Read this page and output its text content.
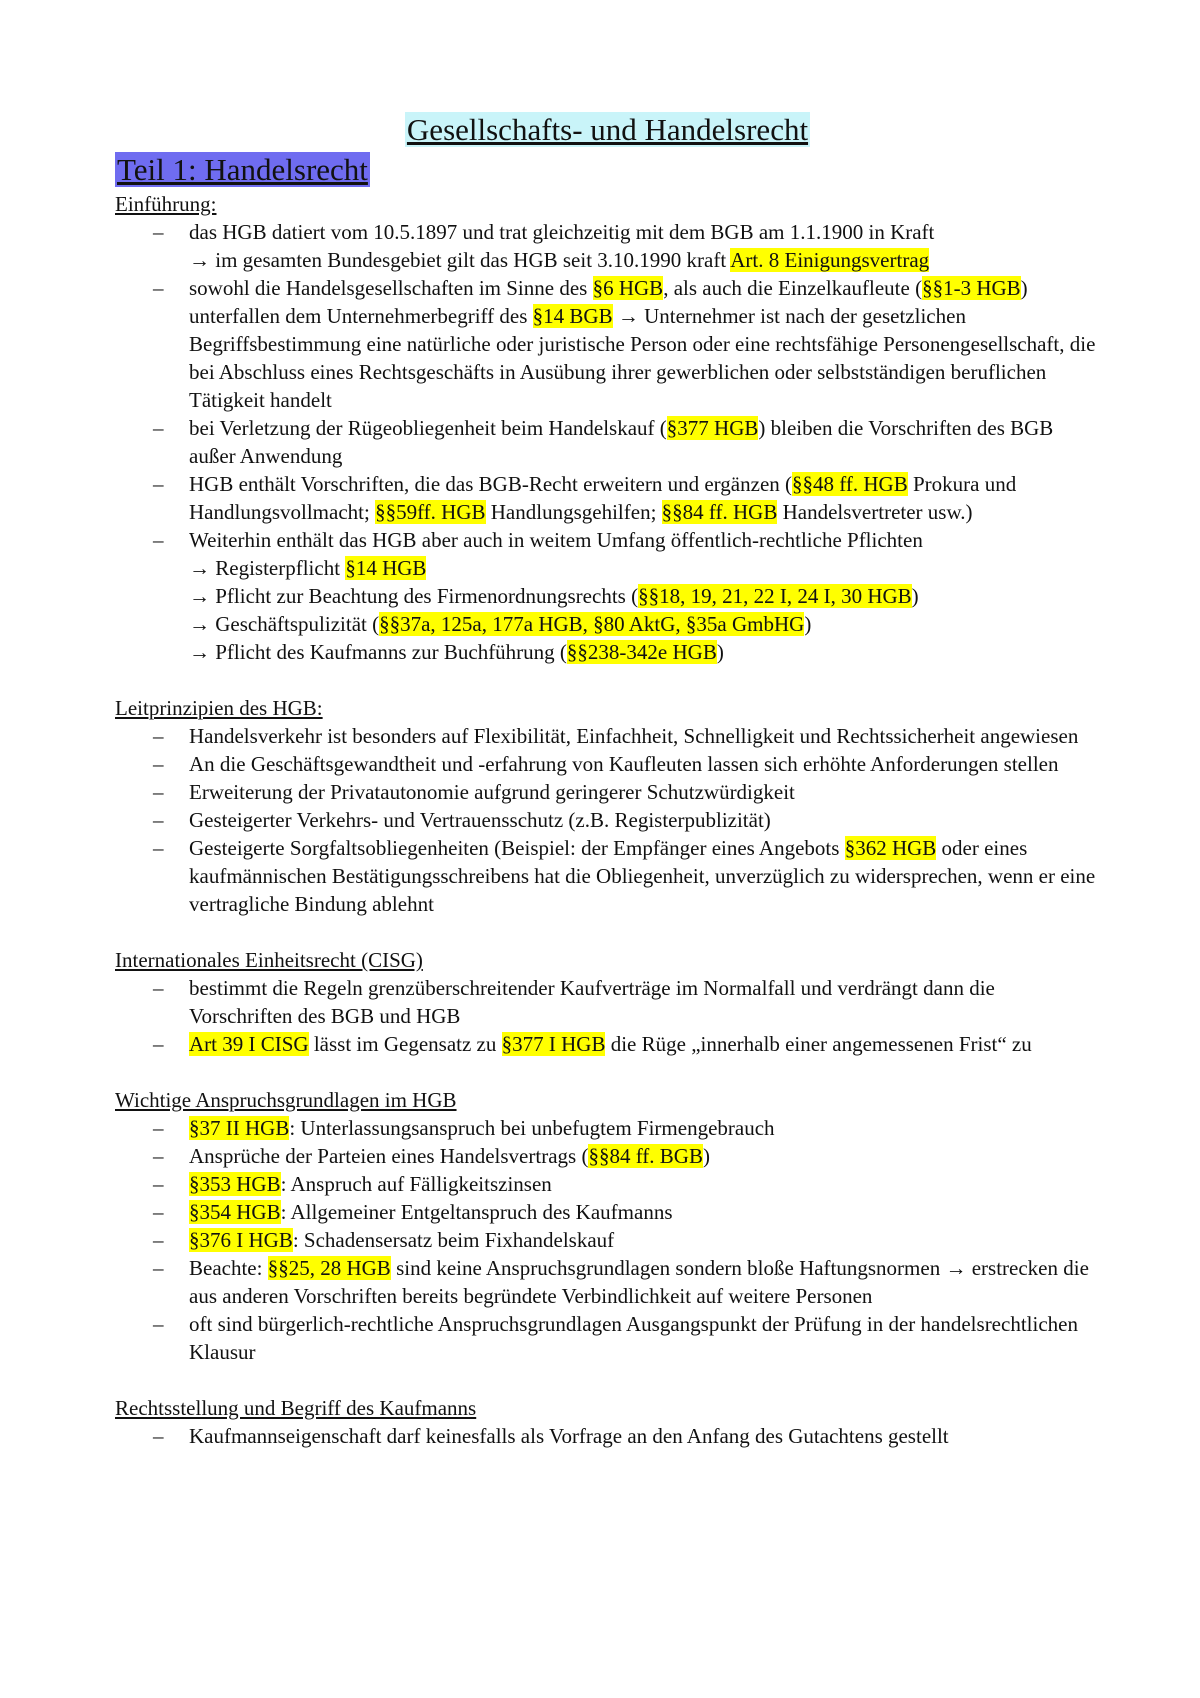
Gesellschafts- und Handelsrecht
Teil 1: Handelsrecht
Einführung:
– das HGB datiert vom 10.5.1897 und trat gleichzeitig mit dem BGB am 1.1.1900 in Kraft
→ im gesamten Bundesgebiet gilt das HGB seit 3.10.1990 kraft Art. 8 Einigungsvertrag
– sowohl die Handelsgesellschaften im Sinne des §6 HGB, als auch die Einzelkaufleute (§§1-3 HGB) unterfallen dem Unternehmerbegriff des §14 BGB → Unternehmer ist nach der gesetzlichen Begriffsbestimmung eine natürliche oder juristische Person oder eine rechtsfähige Personengesellschaft, die bei Abschluss eines Rechtsgeschäfts in Ausübung ihrer gewerblichen oder selbstständigen beruflichen Tätigkeit handelt
– bei Verletzung der Rügeobliegenheit beim Handelskauf (§377 HGB) bleiben die Vorschriften des BGB außer Anwendung
– HGB enthält Vorschriften, die das BGB-Recht erweitern und ergänzen (§§48 ff. HGB Prokura und Handlungsvollmacht; §§59ff. HGB Handlungsgehilfen; §§84 ff. HGB Handelsvertreter usw.)
– Weiterhin enthält das HGB aber auch in weitem Umfang öffentlich-rechtliche Pflichten
→ Registerpflicht §14 HGB
→ Pflicht zur Beachtung des Firmenordnungsrechts (§§18, 19, 21, 22 I, 24 I, 30 HGB)
→ Geschäftspulizität (§§37a, 125a, 177a HGB, §80 AktG, §35a GmbHG)
→ Pflicht des Kaufmanns zur Buchführung (§§238-342e HGB)
Leitprinzipien des HGB:
– Handelsverkehr ist besonders auf Flexibilität, Einfachheit, Schnelligkeit und Rechtssicherheit angewiesen
– An die Geschäftsgewandtheit und -erfahrung von Kaufleuten lassen sich erhöhte Anforderungen stellen
– Erweiterung der Privatautonomie aufgrund geringerer Schutzwürdigkeit
– Gesteigerter Verkehrs- und Vertrauensschutz (z.B. Registerpublizität)
– Gesteigerte Sorgfaltsobliegenheiten (Beispiel: der Empfänger eines Angebots §362 HGB oder eines kaufmännischen Bestätigungsschreibens hat die Obliegenheit, unverzüglich zu widersprechen, wenn er eine vertragliche Bindung ablehnt
Internationales Einheitsrecht (CISG)
– bestimmt die Regeln grenzüberschreitender Kaufverträge im Normalfall und verdrängt dann die Vorschriften des BGB und HGB
– Art 39 I CISG lässt im Gegensatz zu §377 I HGB die Rüge „innerhalb einer angemessenen Frist“ zu
Wichtige Anspruchsgrundlagen im HGB
– §37 II HGB: Unterlassungsanspruch bei unbefugtem Firmengebrauch
– Ansprüche der Parteien eines Handelsvertrags (§§84 ff. BGB)
– §353 HGB: Anspruch auf Fälligkeitszinsen
– §354 HGB: Allgemeiner Entgeltanspruch des Kaufmanns
– §376 I HGB: Schadensersatz beim Fixhandelskauf
– Beachte: §§25, 28 HGB sind keine Anspruchsgrundlagen sondern bloße Haftungsnormen → erstrecken die aus anderen Vorschriften bereits begründete Verbindlichkeit auf weitere Personen
– oft sind bürgerlich-rechtliche Anspruchsgrundlagen Ausgangspunkt der Prüfung in der handelsrechtlichen Klausur
Rechtsstellung und Begriff des Kaufmanns
– Kaufmannseigenschaft darf keinesfalls als Vorfrage an den Anfang des Gutachtens gestellt
